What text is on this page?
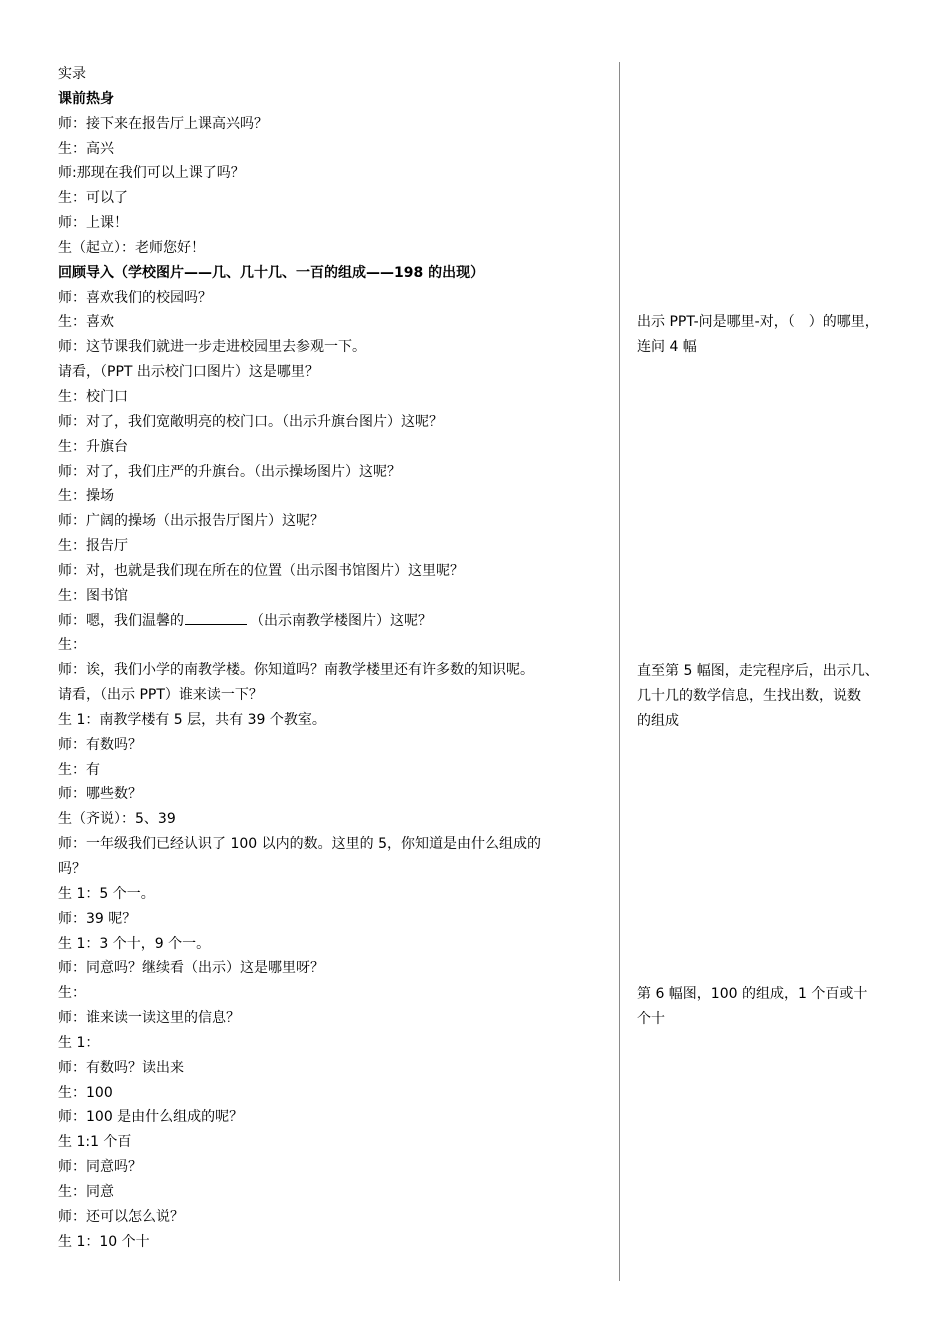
实录
课前热身
师：接下来在报告厅上课高兴吗？
生：高兴
师:那现在我们可以上课了吗？
生：可以了
师：上课！
生（起立）：老师您好！
回顾导入（学校图片——几、几十几、一百的组成——198 的出现）
师：喜欢我们的校园吗？
生：喜欢
师：这节课我们就进一步走进校园里去参观一下。
请看，（PPT 出示校门口图片）这是哪里？
生：校门口
师：对了，我们宽敞明亮的校门口。（出示升旗台图片）这呢？
生：升旗台
师：对了，我们庄严的升旗台。（出示操场图片）这呢？
生：操场
师：广阔的操场（出示报告厅图片）这呢？
生：报告厅
师：对，也就是我们现在所在的位置（出示图书馆图片）这里呢？
生：图书馆
师：嗯，我们温馨的	（出示南教学楼图片）这呢？
生：
师：诶，我们小学的南教学楼。你知道吗？南教学楼里还有许多数的知识呢。
请看，（出示 PPT）谁来读一下？
生 1：南教学楼有 5 层，共有 39 个教室。
师：有数吗？
生：有
师：哪些数？
生（齐说）：5、39
师：一年级我们已经认识了 100 以内的数。这里的 5，你知道是由什么组成的
吗？
生 1：5 个一。
师：39 呢？
生 1：3 个十，9 个一。
师：同意吗？继续看（出示）这是哪里呀？
生：
师：谁来读一读这里的信息？
生 1：
师：有数吗？读出来
生：100
师：100 是由什么组成的呢？
生 1:1 个百
师：同意吗？
生：同意
师：还可以怎么说？
生 1：10 个十
出示 PPT-问是哪里-对，（　）的哪里，
连问 4 幅
直至第 5 幅图，走完程序后，出示几、
几十几的数学信息，生找出数，说数
的组成
第 6 幅图，100 的组成，1 个百或十
个十
